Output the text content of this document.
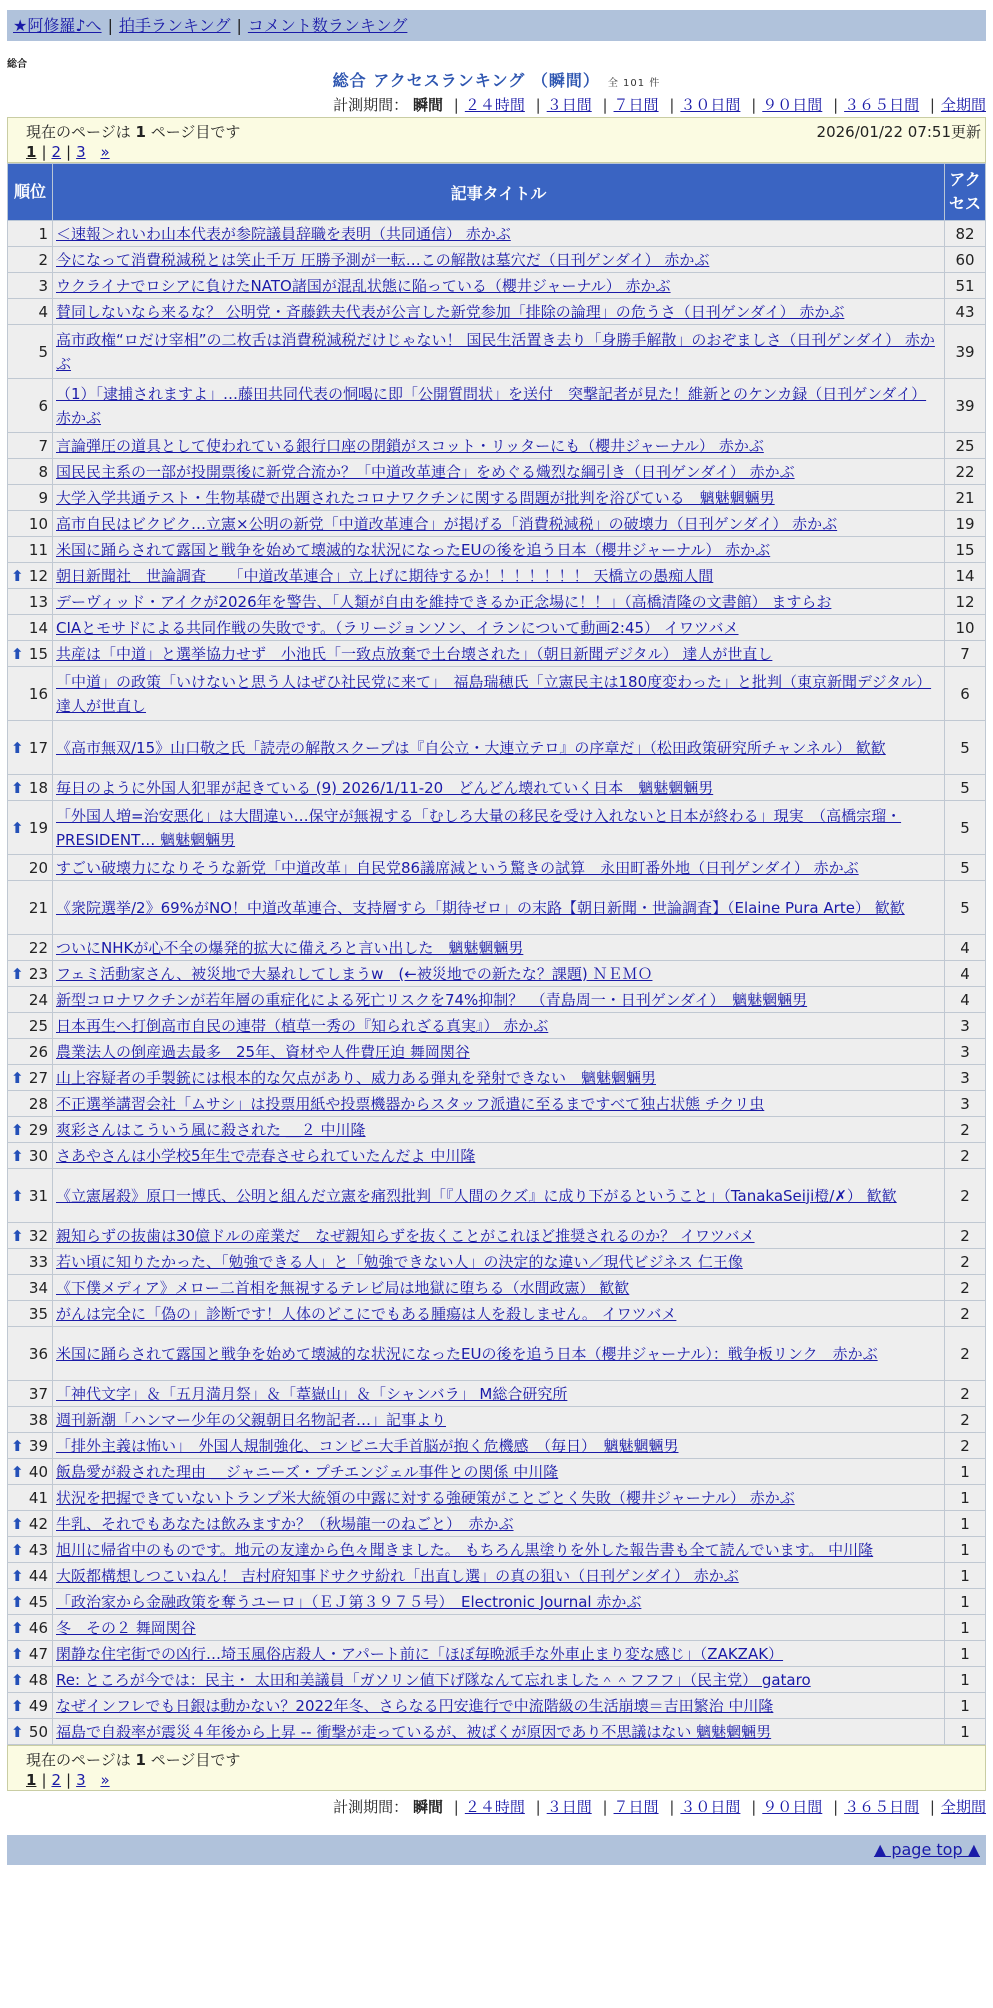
★阿修羅♪へ | 拍手ランキング | コメント数ランキング
総合
総合 アクセスランキング （瞬間） 全 101 件
計測期間： 瞬間 | ２４時間 | ３日間 | ７日間 | ３０日間 | ９０日間 | ３６５日間 | 全期間
現在のページは 1 ページ目です	2026/01/22 07:51更新
1 | 2 | 3 »
順位	記事タイトル	アクセス
1	＜速報＞れいわ山本代表が参院議員辞職を表明（共同通信） 赤かぶ	82
2	今になって消費税減税とは笑止千万 圧勝予測が一転…この解散は墓穴だ（日刊ゲンダイ） 赤かぶ	60
3	ウクライナでロシアに負けたNATO諸国が混乱状態に陥っている（櫻井ジャーナル） 赤かぶ	51
4	賛同しないなら来るな？ 公明党・斉藤鉄夫代表が公言した新党参加「排除の論理」の危うさ（日刊ゲンダイ） 赤かぶ	43
5	高市政権“ロだけ宰相”の二枚舌は消費税減税だけじゃない！ 国民生活置き去り「身勝手解散」のおぞましさ（日刊ゲンダイ） 赤かぶ	39
6	（1）「逮捕されますよ」…藤田共同代表の恫喝に即「公開質問状」を送付　突撃記者が見た！維新とのケンカ録（日刊ゲンダイ） 赤かぶ	39
7	言論弾圧の道具として使われている銀行口座の閉鎖がスコット・リッターにも（櫻井ジャーナル） 赤かぶ	25
8	国民民主系の一部が投開票後に新党合流か？「中道改革連合」をめぐる熾烈な綱引き（日刊ゲンダイ） 赤かぶ	22
9	大学入学共通テスト・生物基礎で出題されたコロナワクチンに関する問題が批判を浴びている　魑魅魍魎男	21
10	高市自民はビクビク…立憲×公明の新党「中道改革連合」が掲げる「消費税減税」の破壊力（日刊ゲンダイ） 赤かぶ	19
11	米国に踊らされて露国と戦争を始めて壊滅的な状況になったEUの後を追う日本（櫻井ジャーナル） 赤かぶ	15

⬆ 12	朝日新聞社　世論調査　　「中道改革連合」立上げに期待するか！！！！！！！ 天橋立の愚痴人間	14
13	デーヴィッド・アイクが2026年を警告、「人類が自由を維持できるか正念場に！！」（高橋清隆の文書館） ますらお	12
14	CIAとモサドによる共同作戦の失敗です。（ラリージョンソン、イランについて動画2:45） イワツバメ	10

⬆ 15	共産は「中道」と選挙協力せず　小池氏「一致点放棄で土台壊された」（朝日新聞デジタル） 達人が世直し	7
16	「中道」の政策「いけないと思う人はぜひ社民党に来て」　福島瑞穂氏「立憲民主は180度変わった」と批判（東京新聞デジタル） 達人が世直し	6

⬆ 17	《高市無双/15》山口敬之氏「読売の解散スクープは『自公立・大連立テロ』の序章だ」（松田政策研究所チャンネル） 歓歓	5

⬆ 18	毎日のように外国人犯罪が起きている (9) 2026/1/11-20　どんどん壊れていく日本　魑魅魍魎男	5

⬆ 19	「外国人増=治安悪化」は大間違い…保守が無視する「むしろ大量の移民を受け入れないと日本が終わる」現実　（高橋宗瑠・PRESIDENT… 魑魅魍魎男	5
20	すごい破壊力になりそうな新党「中道改革」自民党86議席減という驚きの試算　永田町番外地（日刊ゲンダイ） 赤かぶ	5
21	《衆院選挙/2》69%がNO！中道改革連合、支持層すら「期待ゼロ」の末路【朝日新聞・世論調査】（Elaine Pura Arte） 歓歓	5
22	ついにNHKが心不全の爆発的拡大に備えろと言い出した　魑魅魍魎男	4

⬆ 23	フェミ活動家さん、被災地で大暴れしてしまうw　(←被災地での新たな？課題) ＮＥＭＯ	4
24	新型コロナワクチンが若年層の重症化による死亡リスクを74%抑制？　（青島周一・日刊ゲンダイ）　魑魅魍魎男	4
25	日本再生へ打倒高市自民の連帯（植草一秀の『知られざる真実』） 赤かぶ	3
26	農業法人の倒産過去最多　25年、資材や人件費圧迫 舞岡関谷	3

⬆ 27	山上容疑者の手製銃には根本的な欠点があり、威力ある弾丸を発射できない　魑魅魍魎男	3
28	不正選挙講習会社「ムサシ」は投票用紙や投票機器からスタッフ派遣に至るまですべて独占状態 チクリ虫	3

⬆ 29	爽彩さんはこういう風に殺された ＿２ 中川隆	2

⬆ 30	さあやさんは小学校5年生で売春させられていたんだよ 中川隆	2

⬆ 31	《立憲屠殺》原口一博氏、公明と組んだ立憲を痛烈批判「『人間のクズ』に成り下がるということ」（TanakaSeiji橙/✗） 歓歓	2

⬆ 32	親知らずの抜歯は30億ドルの産業だ　なぜ親知らずを抜くことがこれほど推奨されるのか？ イワツバメ	2
33	若い頃に知りたかった、「勉強できる人」と「勉強できない人」の決定的な違い／現代ビジネス 仁王像	2
34	《下僕メディア》メロー二首相を無視するテレビ局は地獄に堕ちる（水間政憲） 歓歓	2
35	がんは完全に「偽の」診断です！人体のどこにでもある腫瘍は人を殺しません。 イワツバメ	2
36	米国に踊らされて露国と戦争を始めて壊滅的な状況になったEUの後を追う日本（櫻井ジャーナル）：戦争板リンク　赤かぶ	2
37	「神代文字」＆「五月満月祭」＆「葦嶽山」＆「シャンバラ」 M総合研究所	2
38	週刊新潮「ハンマー少年の父親朝日名物記者…」記事より	2

⬆ 39	「排外主義は怖い」　外国人規制強化、コンビニ大手首脳が抱く危機感　（毎日）　魑魅魍魎男	2

⬆ 40	飯島愛が殺された理由 ＿ジャニーズ・プチエンジェル事件との関係 中川隆	1
41	状況を把握できていないトランプ米大統領の中露に対する強硬策がことごとく失敗（櫻井ジャーナル） 赤かぶ	1

⬆ 42	牛乳、それでもあなたは飲みますか？（秋場龍一のねごと）　赤かぶ	1

⬆ 43	旭川に帰省中のものです。地元の友達から色々聞きました。 もちろん黒塗りを外した報告書も全て読んでいます。 中川隆	1

⬆ 44	大阪都構想しつこいねん！ 吉村府知事ドサクサ紛れ「出直し選」の真の狙い（日刊ゲンダイ） 赤かぶ	1

⬆ 45	「政治家から金融政策を奪うユーロ」（ＥＪ第３９７５号）　Electronic Journal 赤かぶ	1

⬆ 46	冬　その２ 舞岡関谷	1

⬆ 47	閑静な住宅街での凶行…埼玉風俗店殺人・アパート前に「ほぼ毎晩派手な外車止まり変な感じ」（ZAKZAK）	1

⬆ 48	Re: ところが今では：民主・ 太田和美議員「ガソリン値下げ隊なんて忘れました＾＾フフフ」（民主党） gataro	1

⬆ 49	なぜインフレでも日銀は動かない？2022年冬、さらなる円安進行で中流階級の生活崩壊＝吉田繁治 中川隆	1

⬆ 50	福島で自殺率が震災４年後から上昇 -- 衝撃が走っているが、被ばくが原因であり不思議はない 魑魅魍魎男	1
現在のページは 1 ページ目です
1 | 2 | 3 »
計測期間： 瞬間 | ２４時間 | ３日間 | ７日間 | ３０日間 | ９０日間 | ３６５日間 | 全期間
▲ page top ▲
